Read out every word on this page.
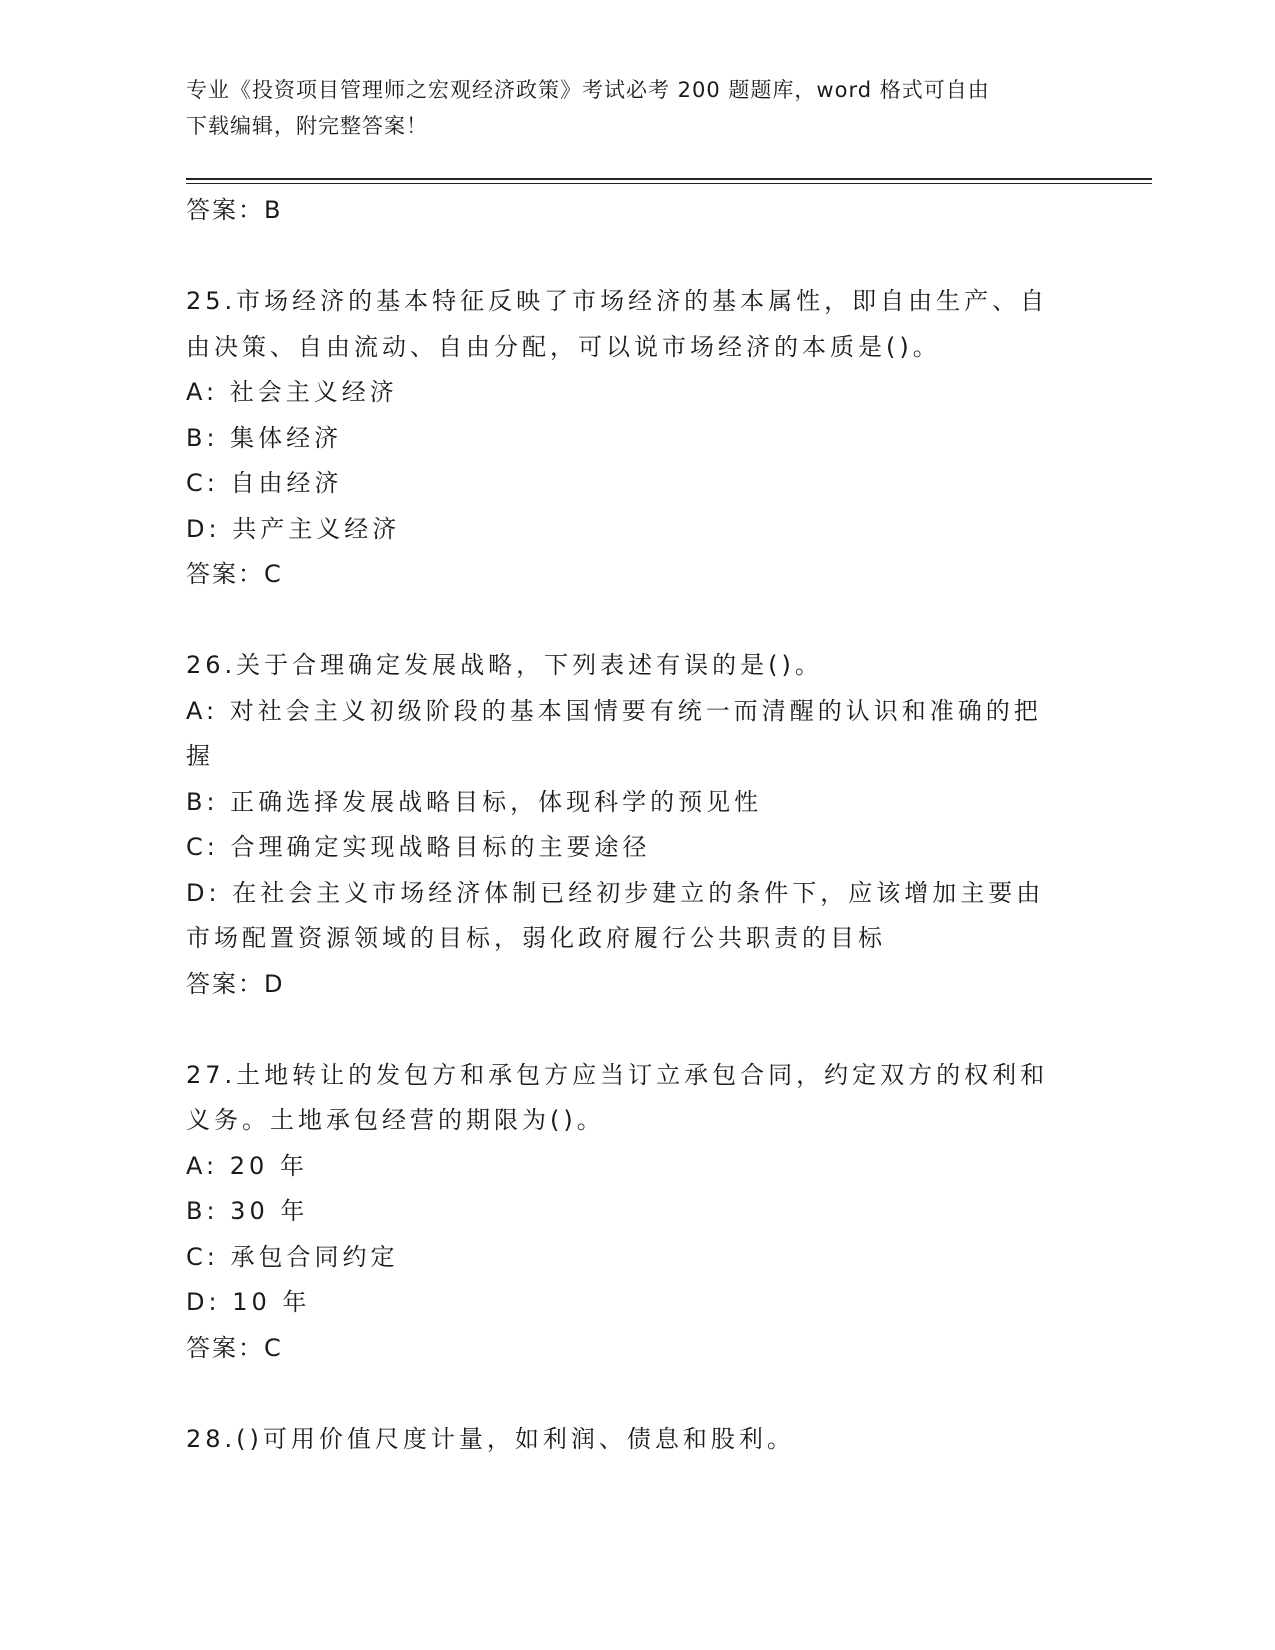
专业《投资项目管理师之宏观经济政策》考试必考 200 题题库，word 格式可自由
下载编辑，附完整答案！
答案：B
25.市场经济的基本特征反映了市场经济的基本属性，即自由生产、自
由决策、自由流动、自由分配，可以说市场经济的本质是()。
A: 社会主义经济
B: 集体经济
C: 自由经济
D: 共产主义经济
答案：C
26.关于合理确定发展战略，下列表述有误的是()。
A: 对社会主义初级阶段的基本国情要有统一而清醒的认识和准确的把
握
B: 正确选择发展战略目标，体现科学的预见性
C: 合理确定实现战略目标的主要途径
D: 在社会主义市场经济体制已经初步建立的条件下，应该增加主要由
市场配置资源领域的目标，弱化政府履行公共职责的目标
答案：D
27.土地转让的发包方和承包方应当订立承包合同，约定双方的权利和
义务。土地承包经营的期限为()。
A: 20 年
B: 30 年
C: 承包合同约定
D: 10 年
答案：C
28.()可用价值尺度计量，如利润、债息和股利。
